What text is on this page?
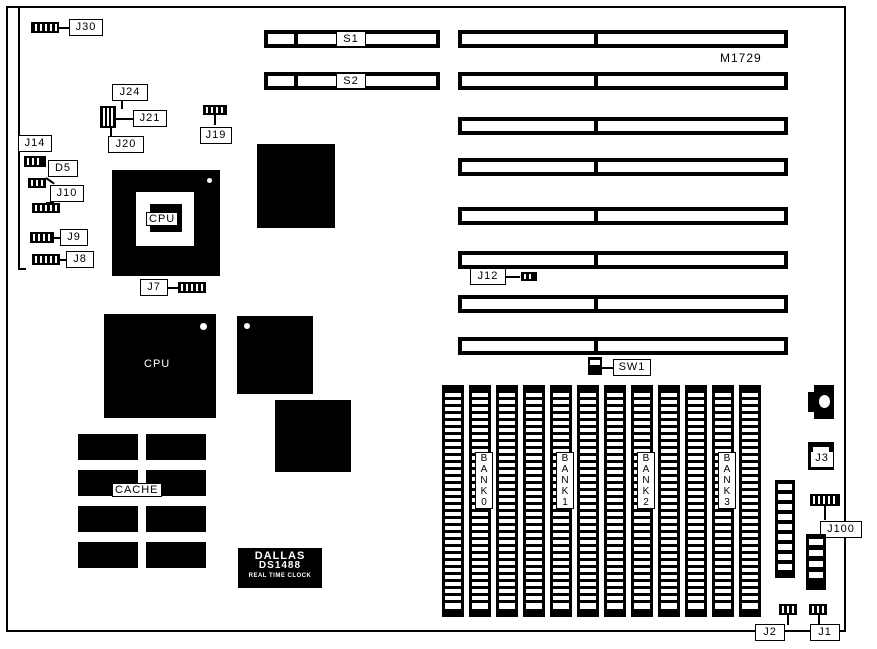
J30
S1
S2
M1729
J24
J21
J20
J19
J14
D5
J10
J9
J8
CPU
J7
CPU
CACHE
DALLAS
DS1488
REAL TIME CLOCK
J12
SW1
B
A
N
K
0
B
A
N
K
1
B
A
N
K
2
B
A
N
K
3
J3
J100
J2	J1
